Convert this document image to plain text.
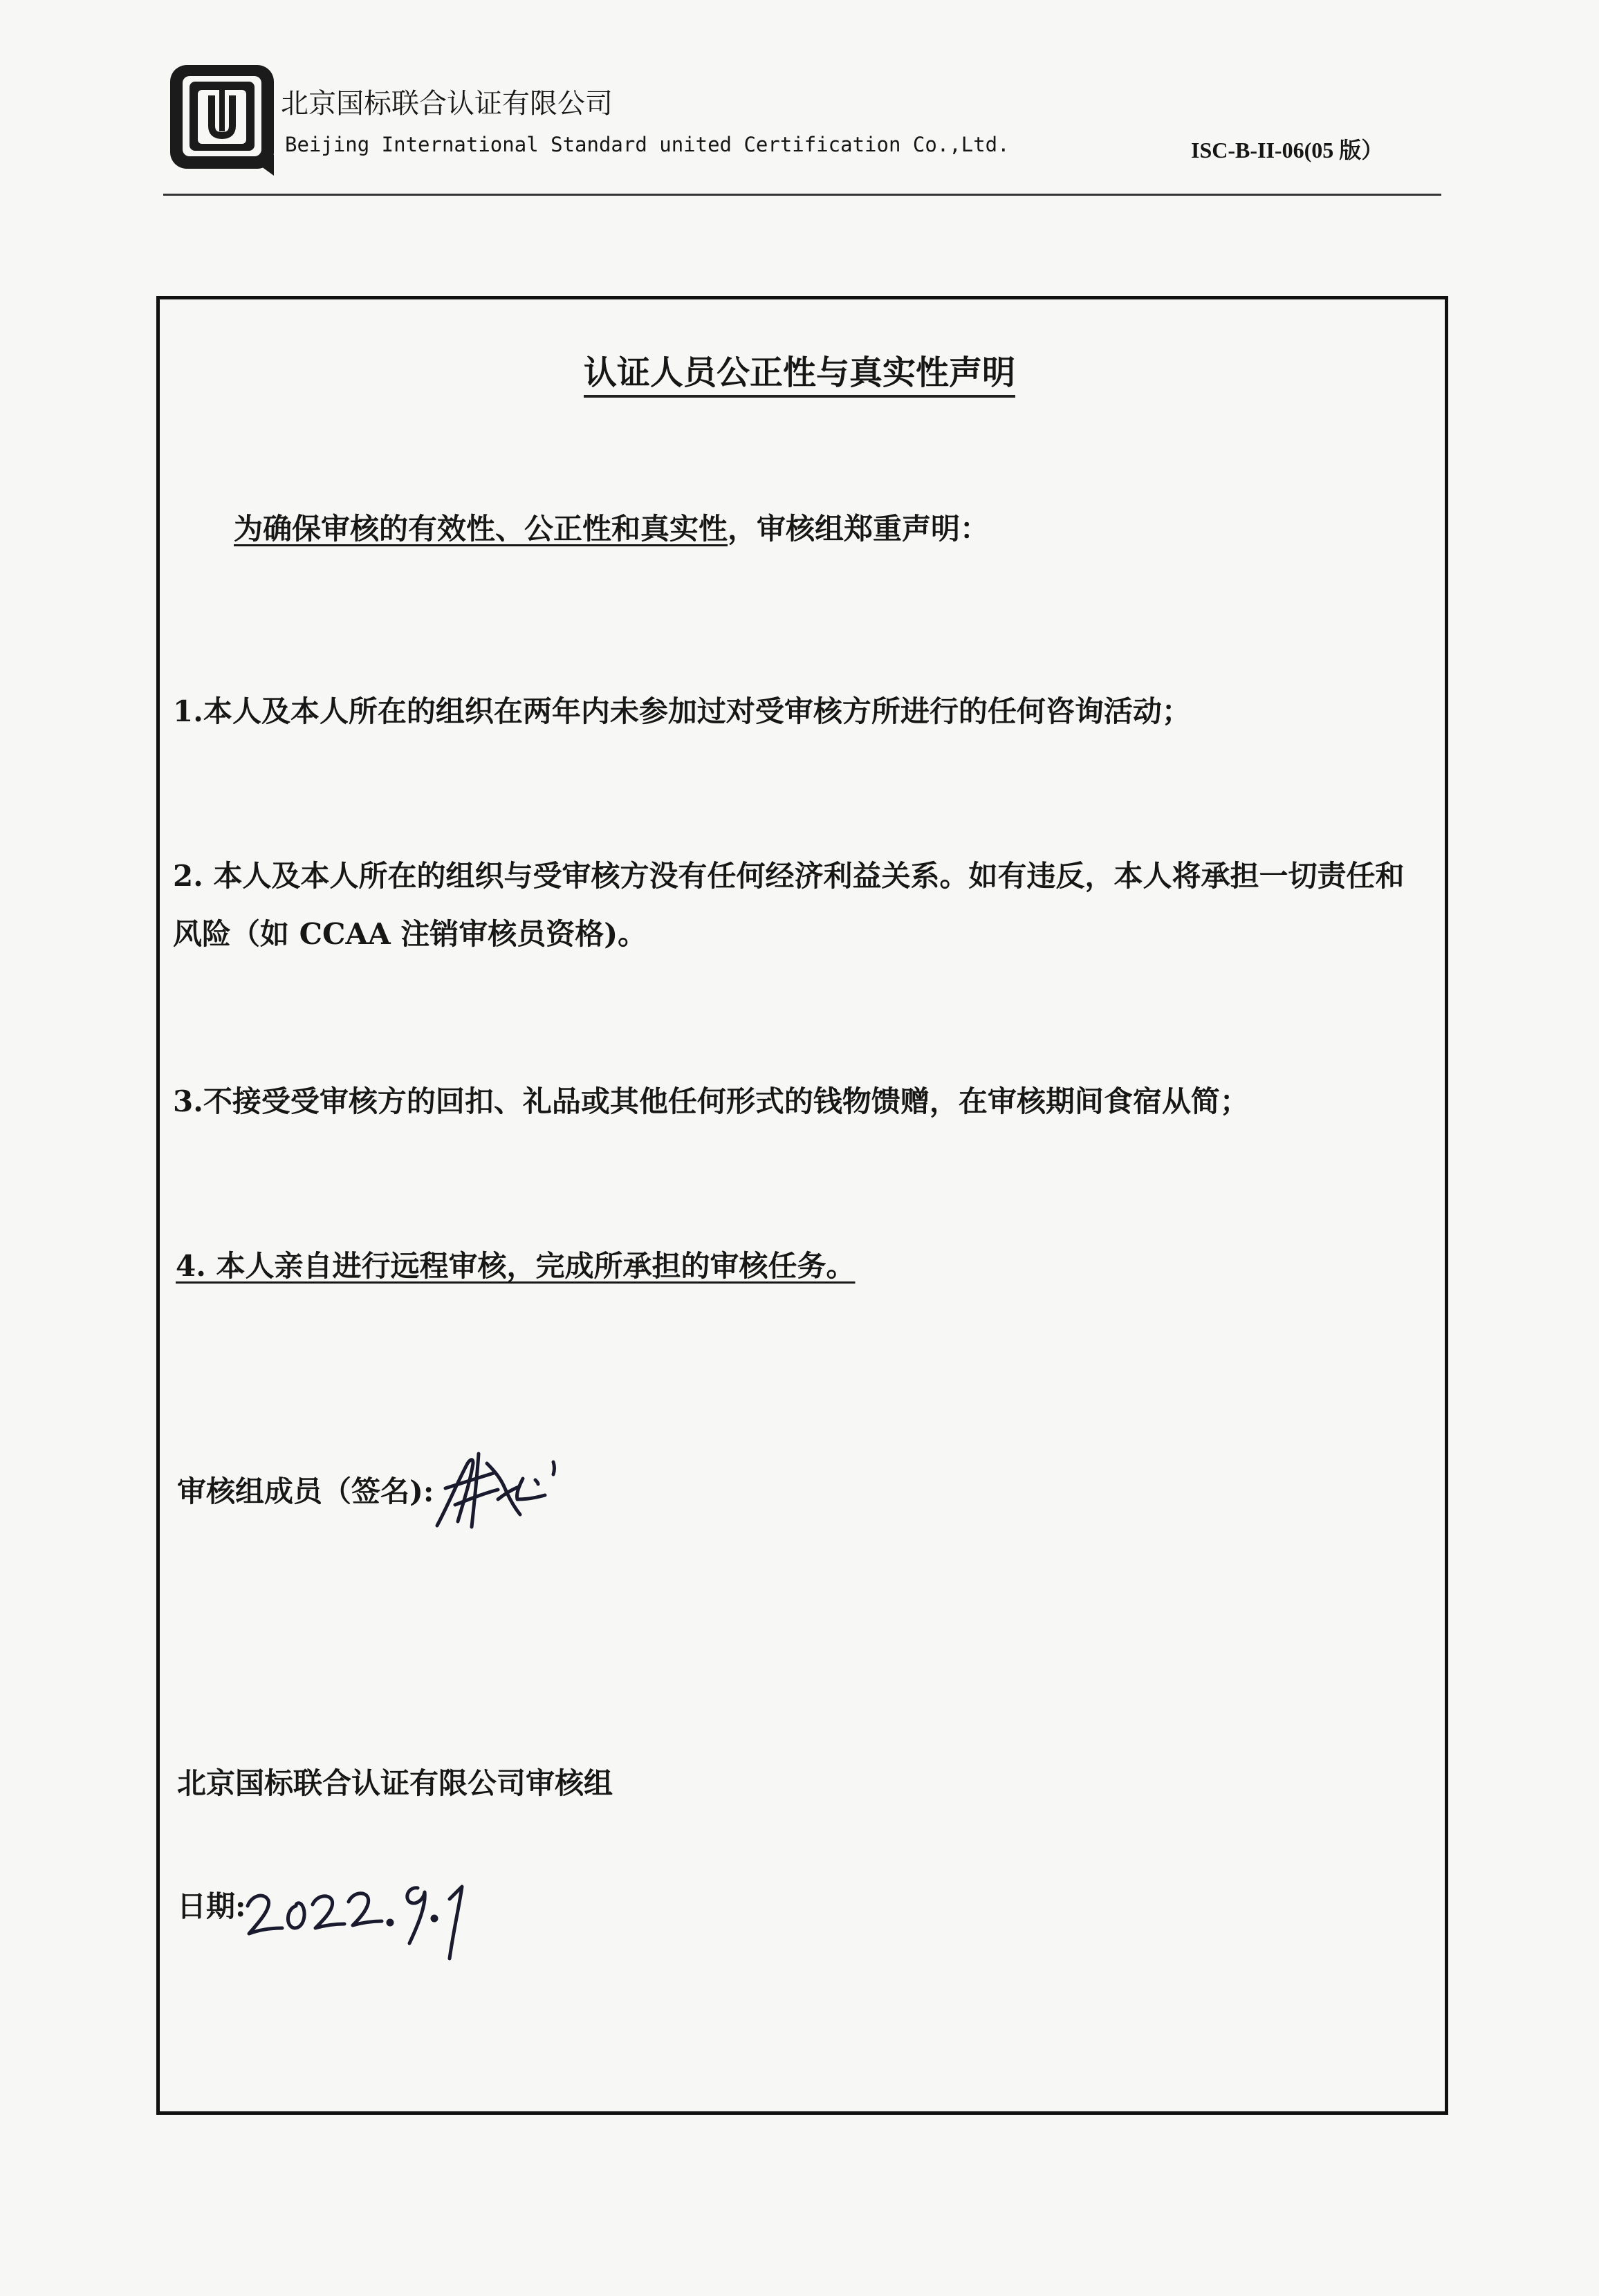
北京国标联合认证有限公司
Beijing International Standard united Certification Co.,Ltd.	ISC-B-II-06(05 版）
认证人员公正性与真实性声明
为确保审核的有效性、公正性和真实性，审核组郑重声明：
1.本人及本人所在的组织在两年内未参加过对受审核方所进行的任何咨询活动；
2. 本人及本人所在的组织与受审核方没有任何经济利益关系。如有违反，本人将承担一切责任和
风险（如 CCAA 注销审核员资格)。
3.不接受受审核方的回扣、礼品或其他任何形式的钱物馈赠，在审核期间食宿从简；
4. 本人亲自进行远程审核，完成所承担的审核任务。
审核组成员（签名):
北京国标联合认证有限公司审核组
日期:
